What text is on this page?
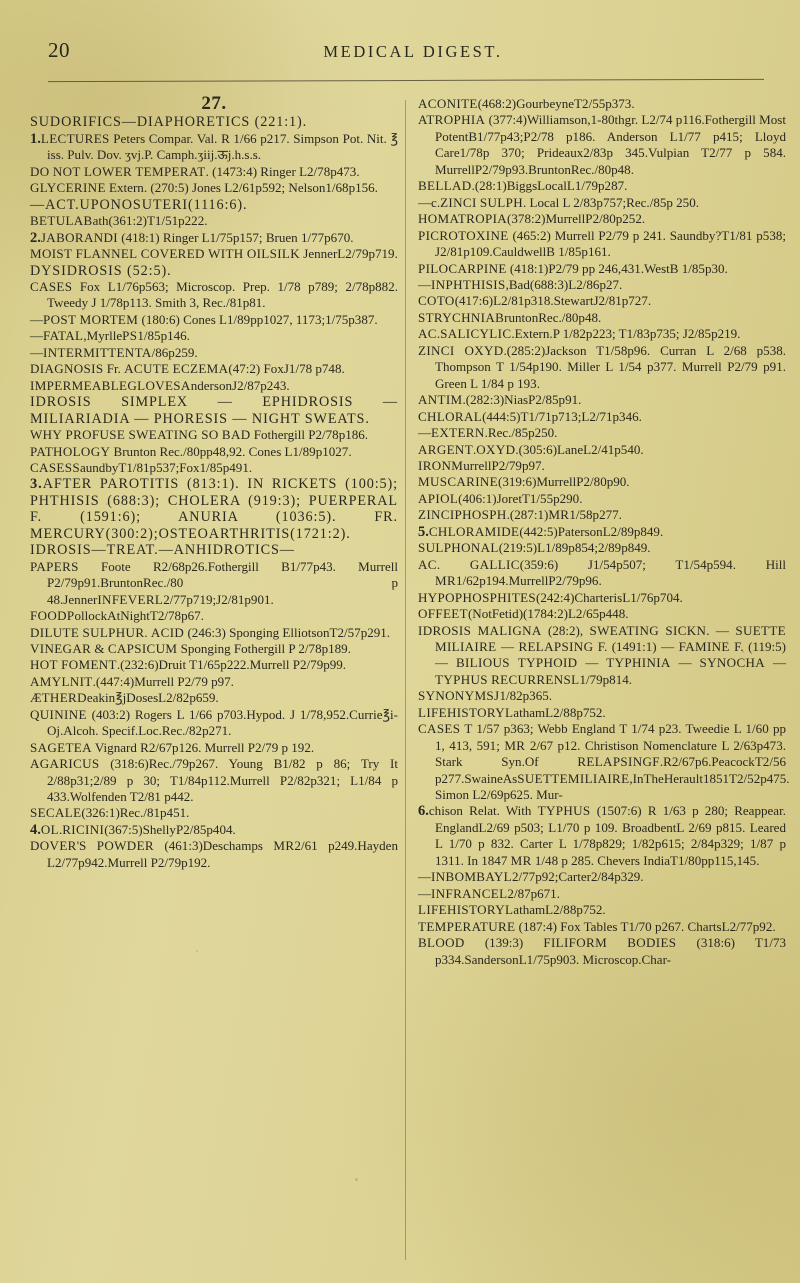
20	MEDICAL DIGEST.
27.
SUDORIFICS—DIAPHORETICS (221:1).
1.LECTURES Peters Compar. Val. R 1/66 p217. Simpson Pot. Nit. ℥ iss. Pulv. Dov. ʒvj.P. Camph.ʒiij.ऊj.h.s.s.
DO NOT LOWER TEMPERAT. (1473:4) Ringer L2/78p473.
GLYCERINE Extern. (270:5) Jones L2/61p592; Nelson1/68p156.
—ACT.UPONOSUTERI(1116:6).
BETULABath(361:2)T1/51p222.
2.JABORANDI (418:1) Ringer L1/75p157; Bruen 1/77p670.
MOIST FLANNEL COVERED WITH OILSILK JennerL2/79p719.
DYSIDROSIS (52:5).
CASES Fox L1/76p563; Microscop. Prep. 1/78 p789; 2/78p882. Tweedy J 1/78p113. Smith 3, Rec./81p81.
—POST MORTEM (180:6) Cones L1/89pp1027, 1173;1/75p387.
—FATAL,MyrllePS1/85p146.
—INTERMITTENTA/86p259.
DIAGNOSIS Fr. ACUTE ECZEMA(47:2) FoxJ1/78 p748.
IMPERMEABLEGLOVESAndersonJ2/87p243.
IDROSIS SIMPLEX — EPHIDROSIS — MILIARIADIA — PHORESIS — NIGHT SWEATS.
WHY PROFUSE SWEATING SO BAD Fothergill P2/78p186.
PATHOLOGY Brunton Rec./80pp48,92. Cones L1/89p1027.
CASESSaundbyT1/81p537;Fox1/85p491.
3.AFTER PAROTITIS (813:1). IN RICKETS (100:5); PHTHISIS (688:3); CHOLERA (919:3); PUERPERAL F. (1591:6); ANURIA (1036:5). FR. MERCURY(300:2);OSTEOARTHRITIS(1721:2).
IDROSIS—TREAT.—ANHIDROTICS—
PAPERS Foote R2/68p26.Fothergill B1/77p43. Murrell P2/79p91.BruntonRec./80 p 48.JennerINFEVERL2/77p719;J2/81p901.
FOODPollockAtNightT2/78p67.
DILUTE SULPHUR. ACID (246:3) Sponging ElliotsonT2/57p291.
VINEGAR & CAPSICUM Sponging Fothergill P 2/78p189.
HOT FOMENT.(232:6)Druit T1/65p222.Murrell P2/79p99.
AMYLNIT.(447:4)Murrell P2/79 p97.
ÆTHERDeakin℥jDosesL2/82p659.
QUININE (403:2) Rogers L 1/66 p703.Hypod. J 1/78,952.Currie℥i-Oj.Alcoh. Specif.Loc.Rec./82p271.
SAGETEA Vignard R2/67p126. Murrell P2/79 p 192.
AGARICUS (318:6)Rec./79p267. Young B1/82 p 86; Try It 2/88p31;2/89 p 30; T1/84p112.Murrell P2/82p321; L1/84 p 433.Wolfenden T2/81 p442.
SECALE(326:1)Rec./81p451.
4.OL.RICINI(367:5)ShellyP2/85p404.
DOVER'S POWDER (461:3)Deschamps MR2/61 p249.Hayden L2/77p942.Murrell P2/79p192.
ACONITE(468:2)GourbeyneT2/55p373.
ATROPHIA (377:4)Williamson,1-80thgr. L2/74 p116.Fothergill Most PotentB1/77p43;P2/78 p186. Anderson L1/77 p415; Lloyd Care1/78p 370; Prideaux2/83p 345.Vulpian T2/77 p 584. MurrellP2/79p93.BruntonRec./80p48.
BELLAD.(28:1)BiggsLocalL1/79p287.
—c.ZINCI SULPH. Local L 2/83p757;Rec./85p 250.
HOMATROPIA(378:2)MurrellP2/80p252.
PICROTOXINE (465:2) Murrell P2/79 p 241. Saundby?T1/81 p538; J2/81p109.CauldwellB 1/85p161.
PILOCARPINE (418:1)P2/79 pp 246,431.WestB 1/85p30.
—INPHTHISIS,Bad(688:3)L2/86p27.
COTO(417:6)L2/81p318.StewartJ2/81p727.
STRYCHNIABruntonRec./80p48.
AC.SALICYLIC.Extern.P 1/82p223; T1/83p735; J2/85p219.
ZINCI OXYD.(285:2)Jackson T1/58p96. Curran L 2/68 p538. Thompson T 1/54p190. Miller L 1/54 p377. Murrell P2/79 p91. Green L 1/84 p 193.
ANTIM.(282:3)NiasP2/85p91.
CHLORAL(444:5)T1/71p713;L2/71p346.
—EXTERN.Rec./85p250.
ARGENT.OXYD.(305:6)LaneL2/41p540.
IRONMurrellP2/79p97.
MUSCARINE(319:6)MurrellP2/80p90.
APIOL(406:1)JoretT1/55p290.
ZINCIPHOSPH.(287:1)MR1/58p277.
5.CHLORAMIDE(442:5)PatersonL2/89p849.
SULPHONAL(219:5)L1/89p854;2/89p849.
AC. GALLIC(359:6) J1/54p507; T1/54p594. Hill MR1/62p194.MurrellP2/79p96.
HYPOPHOSPHITES(242:4)CharterisL1/76p704.
OFFEET(NotFetid)(1784:2)L2/65p448.
IDROSIS MALIGNA (28:2), SWEATING SICKN. — SUETTE MILIAIRE — RELAPSING F. (1491:1) — FAMINE F. (119:5) — BILIOUS TYPHOID — TYPHINIA — SYNOCHA — TYPHUS RECURRENSL1/79p814.
SYNONYMSJ1/82p365.
LIFEHISTORYLathamL2/88p752.
CASES T 1/57 p363; Webb England T 1/74 p23. Tweedie L 1/60 pp 1, 413, 591; MR 2/67 p12. Christison Nomenclature L 2/63p473. Stark Syn.Of RELAPSINGF.R2/67p6.PeacockT2/56 p277.SwaineAsSUETTEMILIAIRE,InTheHerault1851T2/52p475. Simon L2/69p625. Mur-
6.chison Relat. With TYPHUS (1507:6) R 1/63 p 280; Reappear. EnglandL2/69 p503; L1/70 p 109. BroadbentL 2/69 p815. Leared L 1/70 p 832. Carter L 1/78p829; 1/82p615; 2/84p329; 1/87 p 1311. In 1847 MR 1/48 p 285. Chevers IndiaT1/80pp115,145.
—INBOMBAYL2/77p92;Carter2/84p329.
—INFRANCEL2/87p671.
LIFEHISTORYLathamL2/88p752.
TEMPERATURE (187:4) Fox Tables T1/70 p267. ChartsL2/77p92.
BLOOD (139:3) FILIFORM BODIES (318:6) T1/73 p334.SandersonL1/75p903. Microscop.Char-
